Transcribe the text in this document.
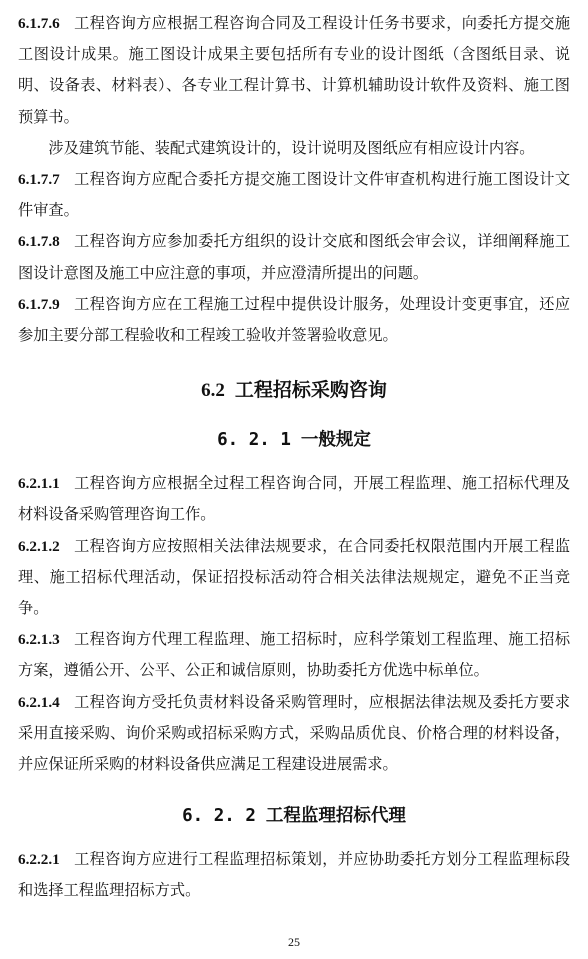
6.1.7.6 工程咨询方应根据工程咨询合同及工程设计任务书要求，向委托方提交施工图设计成果。施工图设计成果主要包括所有专业的设计图纸（含图纸目录、说明、设备表、材料表）、各专业工程计算书、计算机辅助设计软件及资料、施工图预算书。

涉及建筑节能、装配式建筑设计的，设计说明及图纸应有相应设计内容。

6.1.7.7 工程咨询方应配合委托方提交施工图设计文件审查机构进行施工图设计文件审查。

6.1.7.8 工程咨询方应参加委托方组织的设计交底和图纸会审会议，详细阐释施工图设计意图及施工中应注意的事项，并应澄清所提出的问题。

6.1.7.9 工程咨询方应在工程施工过程中提供设计服务，处理设计变更事宜，还应参加主要分部工程验收和工程竣工验收并签署验收意见。

6.2 工程招标采购咨询
6. 2. 1 一般规定

6.2.1.1 工程咨询方应根据全过程工程咨询合同，开展工程监理、施工招标代理及材料设备采购管理咨询工作。

6.2.1.2 工程咨询方应按照相关法律法规要求，在合同委托权限范围内开展工程监理、施工招标代理活动，保证招投标活动符合相关法律法规规定，避免不正当竞争。

6.2.1.3 工程咨询方代理工程监理、施工招标时，应科学策划工程监理、施工招标方案，遵循公开、公平、公正和诚信原则，协助委托方优选中标单位。

6.2.1.4 工程咨询方受托负责材料设备采购管理时，应根据法律法规及委托方要求采用直接采购、询价采购或招标采购方式，采购品质优良、价格合理的材料设备，并应保证所采购的材料设备供应满足工程建设进展需求。

6. 2. 2 工程监理招标代理

6.2.2.1 工程咨询方应进行工程监理招标策划，并应协助委托方划分工程监理标段和选择工程监理招标方式。

25
